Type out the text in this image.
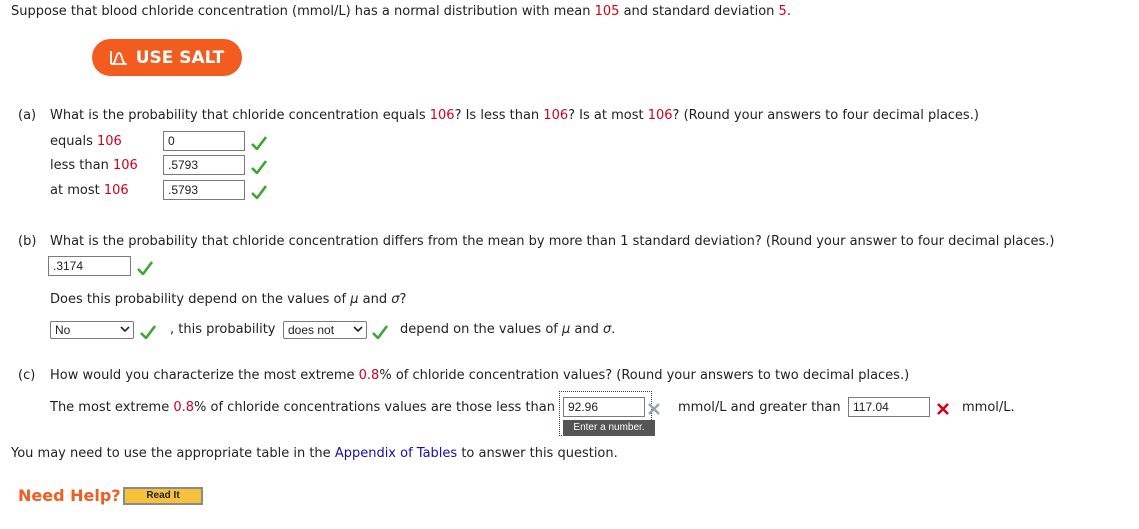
Suppose that blood chloride concentration (mmol/L) has a normal distribution with mean 105 and standard deviation 5.
USE SALT
(a) What is the probability that chloride concentration equals 106? Is less than 106? Is at most 106? (Round your answers to four decimal places.)
equals 106	0
less than 106	.5793
at most 106	.5793
(b) What is the probability that chloride concentration differs from the mean by more than 1 standard deviation? (Round your answer to four decimal places.)
.3174
Does this probability depend on the values of μ and σ?
No	, this probability	does not	depend on the values of μ and σ.
(c) How would you characterize the most extreme 0.8% of chloride concentration values? (Round your answers to two decimal places.)
The most extreme 0.8% of chloride concentrations values are those less than	92.96
Enter a number.
mmol/L and greater than	117.04	mmol/L.
You may need to use the appropriate table in the Appendix of Tables to answer this question.
Need Help?	Read It
